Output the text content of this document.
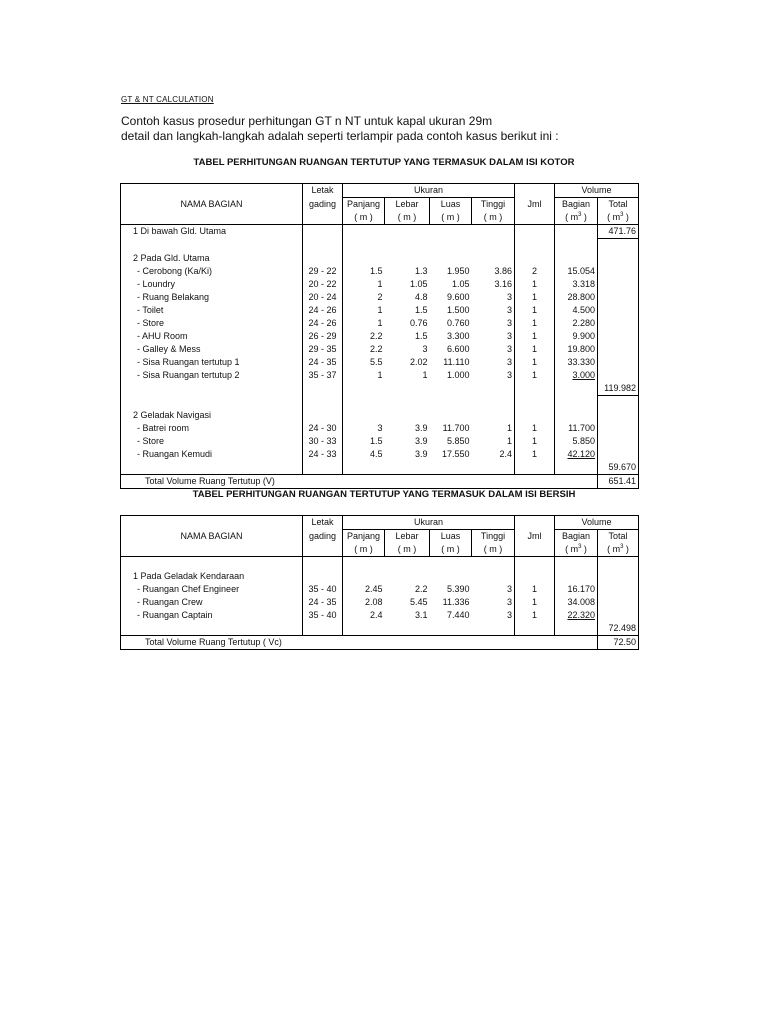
GT & NT CALCULATION
Contoh kasus prosedur perhitungan GT n NT untuk kapal ukuran 29m
detail dan langkah-langkah adalah seperti terlampir pada contoh kasus berikut ini :
TABEL PERHITUNGAN RUANGAN TERTUTUP YANG TERMASUK DALAM ISI KOTOR
	Letak	Ukuran					Volume	
NAMA BAGIAN	gading	Panjang	Lebar	Luas	Tinggi	Jml	Bagian	Total
		( m )	( m )	( m )	( m )		( $m^3$ )	( $m^3$ )
1 Di bawah Gld. Utama								471.76

2 Pada Gld. Utama								
- Cerobong (Ka/Ki)	29 - 22	1.5	1.3	1.950	3.86	2	15.054	
- Loundry	20 - 22	1	1.05	1.05	3.16	1	3.318	
- Ruang Belakang	20 - 24	2	4.8	9.600	3	1	28.800	
- Toilet	24 - 26	1	1.5	1.500	3	1	4.500	
- Store	24 - 26	1	0.76	0.760	3	1	2.280	
- AHU Room	26 - 29	2.2	1.5	3.300	3	1	9.900	
- Galley & Mess	29 - 35	2.2	3	6.600	3	1	19.800	
- Sisa Ruangan tertutup 1	24 - 35	5.5	2.02	11.110	3	1	33.330	
- Sisa Ruangan tertutup 2	35 - 37	1	1	1.000	3	1	3.000	
								119.982

2 Geladak Navigasi								
- Batrei room	24 - 30	3	3.9	11.700	1	1	11.700	
- Store	30 - 33	1.5	3.9	5.850	1	1	5.850	
- Ruangan Kemudi	24 - 33	4.5	3.9	17.550	2.4	1	42.120	
								59.670
Total Volume Ruang Tertutup (V)								651.41
TABEL PERHITUNGAN RUANGAN TERTUTUP YANG TERMASUK DALAM ISI BERSIH
	Letak	Ukuran					Volume	
NAMA BAGIAN	gading	Panjang	Lebar	Luas	Tinggi	Jml	Bagian	Total
		( m )	( m )	( m )	( m )		( $m^3$ )	( $m^3$ )

1 Pada Geladak Kendaraan								
- Ruangan Chef Engineer	35 - 40	2.45	2.2	5.390	3	1	16.170	
- Ruangan Crew	24 - 35	2.08	5.45	11.336	3	1	34.008	
- Ruangan Captain	35 - 40	2.4	3.1	7.440	3	1	22.320	
								72.498
Total Volume Ruang Tertutup ( Vc)								72.50
